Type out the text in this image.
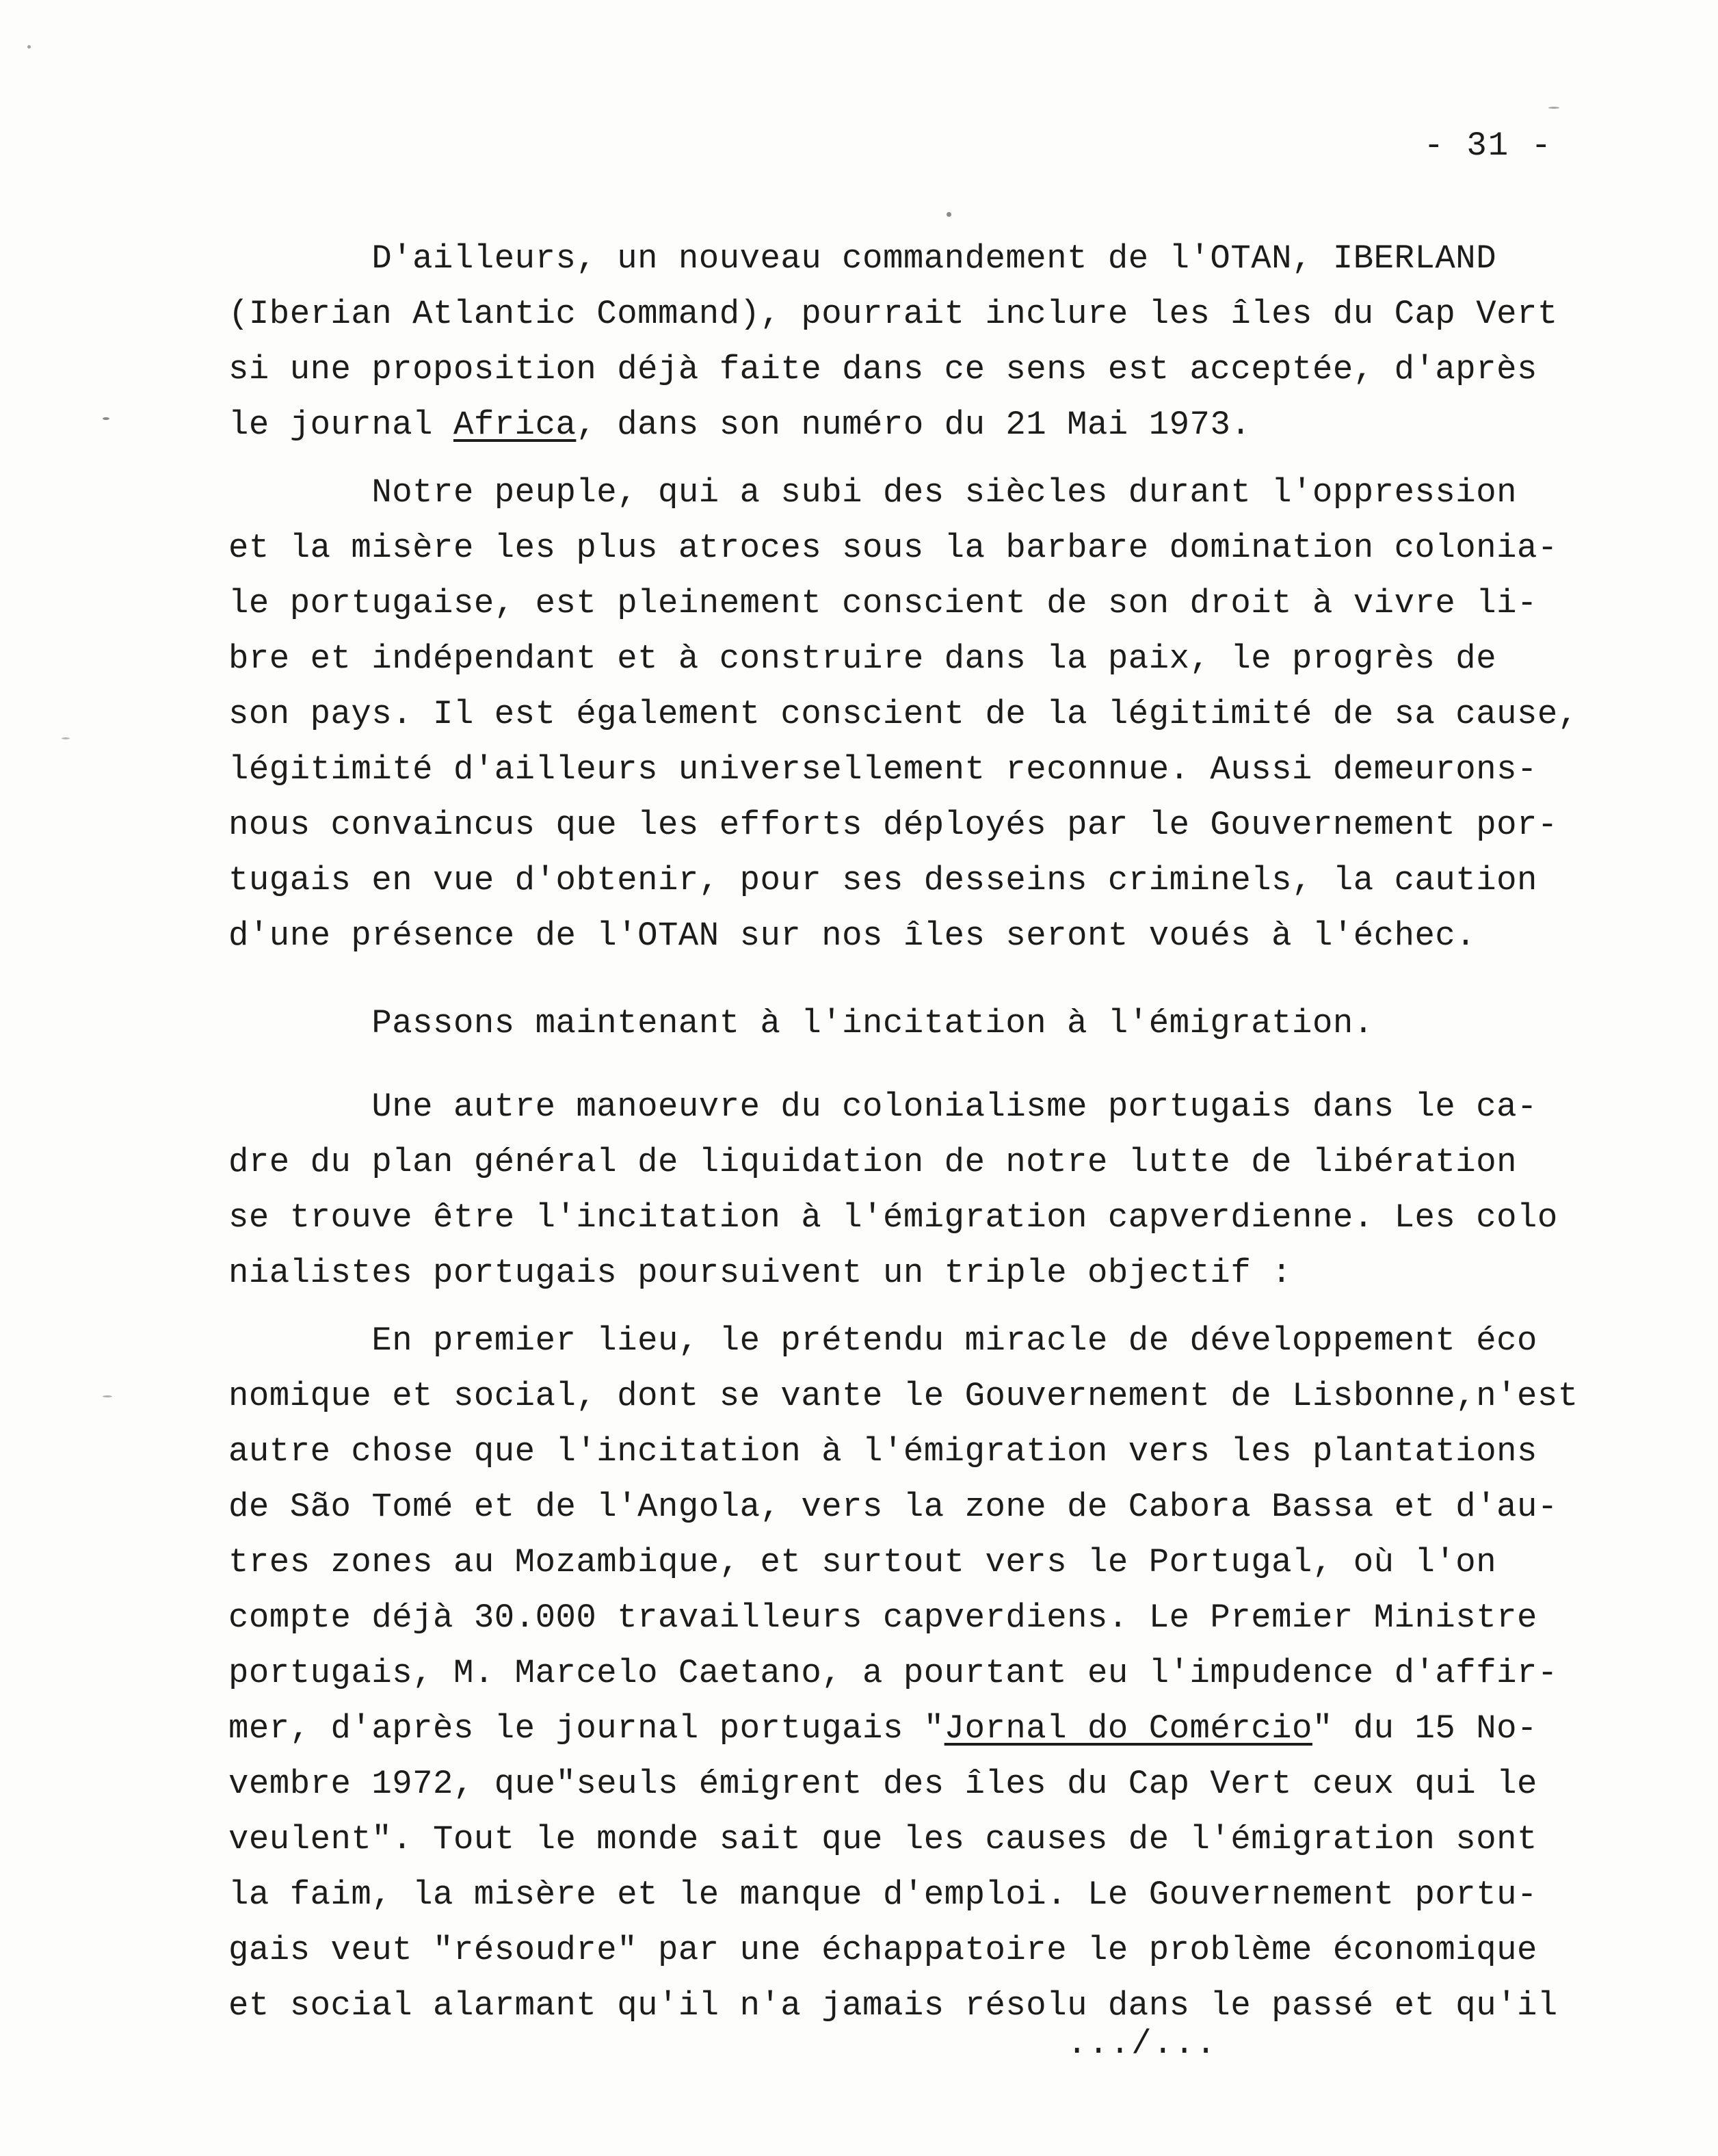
- 31 -
D'ailleurs, un nouveau commandement de l'OTAN, IBERLAND
(Iberian Atlantic Command), pourrait inclure les îles du Cap Vert
si une proposition déjà faite dans ce sens est acceptée, d'après
le journal Africa, dans son numéro du 21 Mai 1973.
Notre peuple, qui a subi des siècles durant l'oppression
et la misère les plus atroces sous la barbare domination colonia-
le portugaise, est pleinement conscient de son droit à vivre li-
bre et indépendant et à construire dans la paix, le progrès de
son pays. Il est également conscient de la légitimité de sa cause,
légitimité d'ailleurs universellement reconnue. Aussi demeurons-
nous convaincus que les efforts déployés par le Gouvernement por-
tugais en vue d'obtenir, pour ses desseins criminels, la caution
d'une présence de l'OTAN sur nos îles seront voués à l'échec.
Passons maintenant à l'incitation à l'émigration.
Une autre manoeuvre du colonialisme portugais dans le ca-
dre du plan général de liquidation de notre lutte de libération
se trouve être l'incitation à l'émigration capverdienne. Les colo
nialistes portugais poursuivent un triple objectif :
En premier lieu, le prétendu miracle de développement éco
nomique et social, dont se vante le Gouvernement de Lisbonne,n'est
autre chose que l'incitation à l'émigration vers les plantations
de São Tomé et de l'Angola, vers la zone de Cabora Bassa et d'au-
tres zones au Mozambique, et surtout vers le Portugal, où l'on
compte déjà 30.000 travailleurs capverdiens. Le Premier Ministre
portugais, M. Marcelo Caetano, a pourtant eu l'impudence d'affir-
mer, d'après le journal portugais "Jornal do Comércio" du 15 No-
vembre 1972, que"seuls émigrent des îles du Cap Vert ceux qui le
veulent". Tout le monde sait que les causes de l'émigration sont
la faim, la misère et le manque d'emploi. Le Gouvernement portu-
gais veut "résoudre" par une échappatoire le problème économique
et social alarmant qu'il n'a jamais résolu dans le passé et qu'il
.../...
